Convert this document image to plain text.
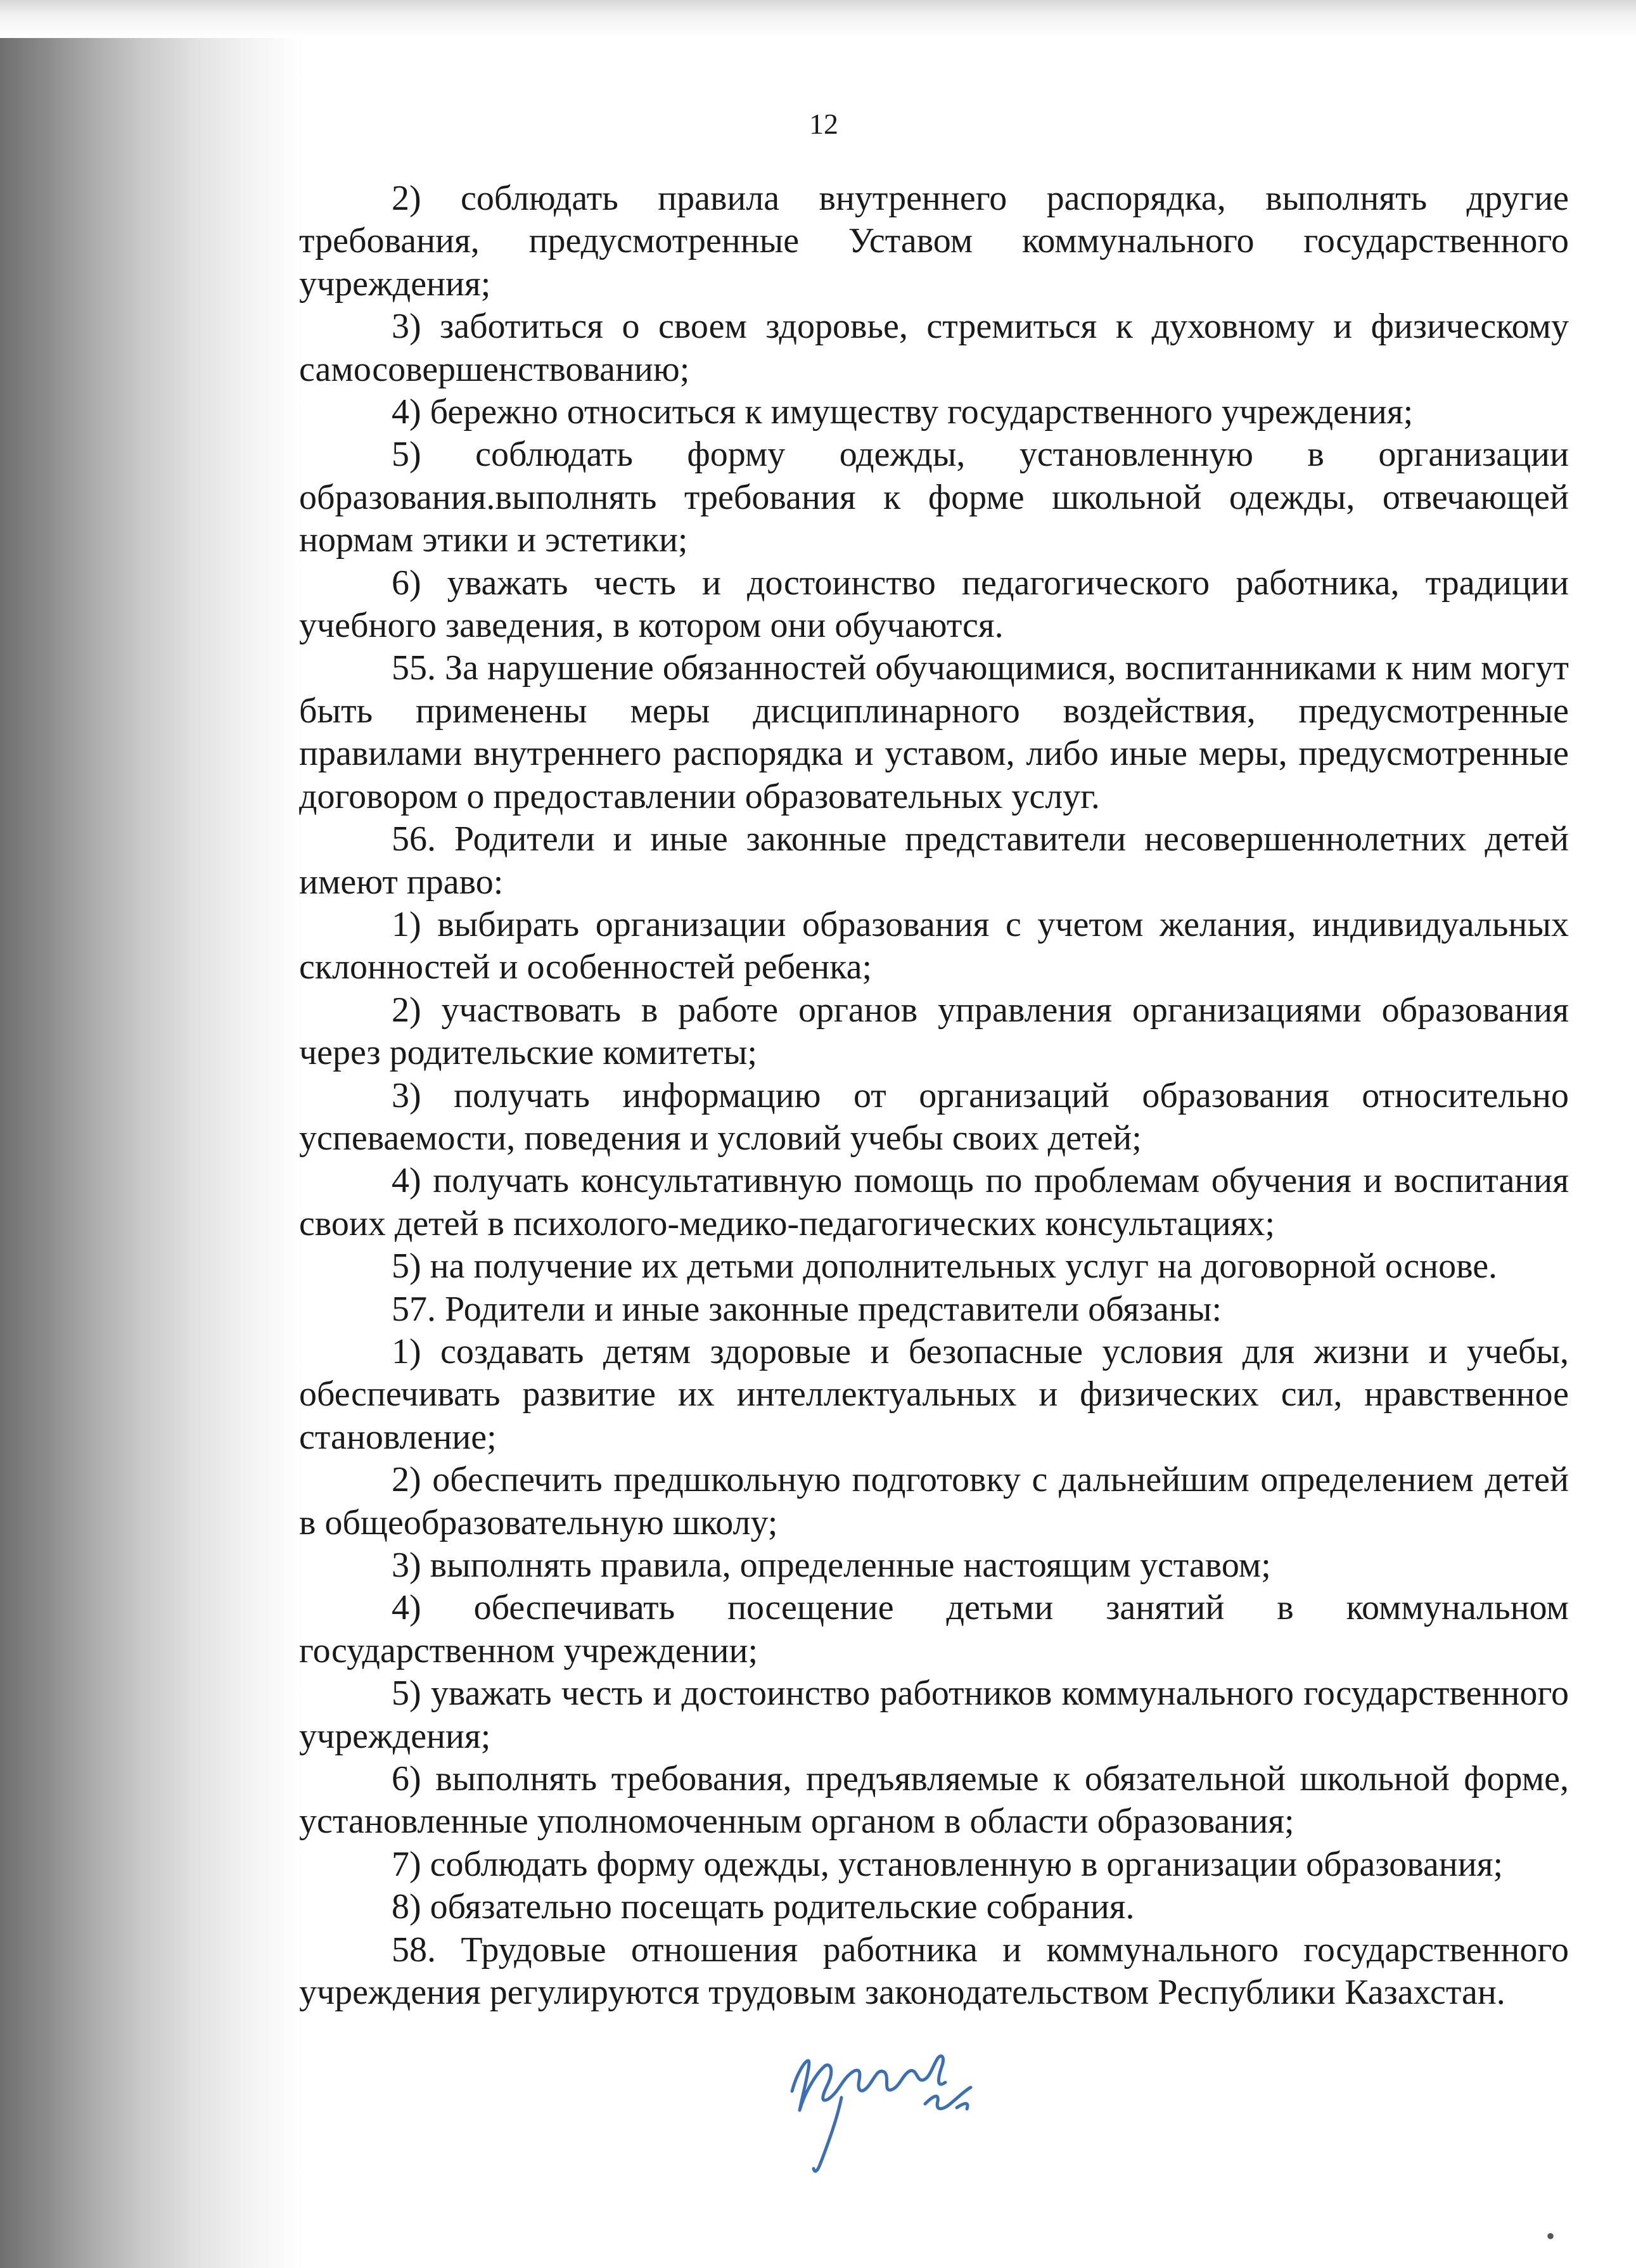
12

2) соблюдать правила внутреннего распорядка, выполнять другие требования, предусмотренные Уставом коммунального государственного учреждения;

3) заботиться о своем здоровье, стремиться к духовному и физическому самосовершенствованию;

4) бережно относиться к имуществу государственного учреждения;

5) соблюдать форму одежды, установленную в организации образования.выполнять требования к форме школьной одежды, отвечающей нормам этики и эстетики;

6) уважать честь и достоинство педагогического работника, традиции учебного заведения, в котором они обучаются.

55. За нарушение обязанностей обучающимися, воспитанниками к ним могут быть применены меры дисциплинарного воздействия, предусмотренные правилами внутреннего распорядка и уставом, либо иные меры, предусмотренные договором о предоставлении образовательных услуг.

56. Родители и иные законные представители несовершеннолетних детей имеют право:

1) выбирать организации образования с учетом желания, индивидуальных склонностей и особенностей ребенка;

2) участвовать в работе органов управления организациями образования через родительские комитеты;

3) получать информацию от организаций образования относительно успеваемости, поведения и условий учебы своих детей;

4) получать консультативную помощь по проблемам обучения и воспитания своих детей в психолого-медико-педагогических консультациях;

5) на получение их детьми дополнительных услуг на договорной основе.

57. Родители и иные законные представители обязаны:

1) создавать детям здоровые и безопасные условия для жизни и учебы, обеспечивать развитие их интеллектуальных и физических сил, нравственное становление;

2) обеспечить предшкольную подготовку с дальнейшим определением детей в общеобразовательную школу;

3) выполнять правила, определенные настоящим уставом;

4) обеспечивать посещение детьми занятий в коммунальном государственном учреждении;

5) уважать честь и достоинство работников коммунального государственного учреждения;

6) выполнять требования, предъявляемые к обязательной школьной форме, установленные уполномоченным органом в области образования;

7) соблюдать форму одежды, установленную в организации образования;

8) обязательно посещать родительские собрания.

58. Трудовые отношения работника и коммунального государственного учреждения регулируются трудовым законодательством Республики Казахстан.

•
